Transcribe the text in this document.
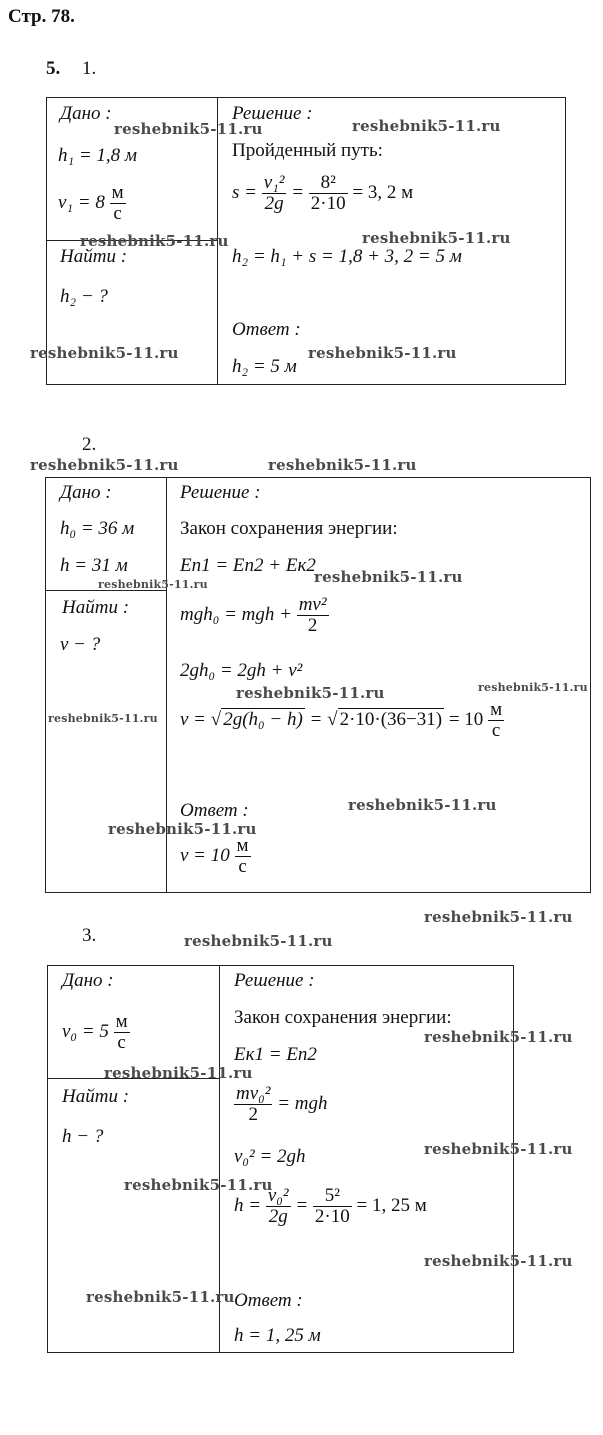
Стр. 78.
5. 1.
Дано :
h₁ = 1,8 м
$v_1 = 8 \frac{м}{с}$
Найти :
h₂ − ?
Решение :
Пройденный путь:
$s = \frac{\text{v₁²}}{2g} = \frac{\text{8²}}{2\cdot 10} = 3$, 2 м
h₂ = h₁ + s = 1,8 + 3, 2 = 5 м
Ответ :
h₂ = 5 м
2.
Дано :
h₀ = 36 м
h = 31 м
Найти :
v − ?
Решение :
Закон сохранения энергии:
Eп1 = Eп2 + Eк2
mgh₀ = mgh + $\frac{\text{mv²}}{2}$
2gh₀ = 2gh + v²
v = √ 2g(h₀ − h) = √ $2\cdot 10\cdot(36-31) = 10 \frac{м}{с}$
Ответ :
$v = 10 \frac{м}{с}$
3.
Дано :
$v_0 = 5 \frac{м}{с}$
Найти :
h − ?
Решение :
Закон сохранения энергии:
Eк1 = Eп2
$\frac{\text{mv₀²}}{2}$ = mgh
v₀² = 2gh
$h = \frac{\text{v₀²}}{2g} = \frac{\text{5²}}{2\cdot 10} = 1$, 25 м
Ответ :
h = 1, 25 м
reshebnik5-11.ru	reshebnik5-11.ru
reshebnik5-11.ru	reshebnik5-11.ru
reshebnik5-11.ru	reshebnik5-11.ru
reshebnik5-11.ru	reshebnik5-11.ru
reshebnik5-11.ru	reshebnik5-11.ru
reshebnik5-11.ru
reshebnik5-11.ru	reshebnik5-11.ru
reshebnik5-11.ru
reshebnik5-11.ru
reshebnik5-11.ru
reshebnik5-11.ru
reshebnik5-11.ru
reshebnik5-11.ru
reshebnik5-11.ru
reshebnik5-11.ru
reshebnik5-11.ru
reshebnik5-11.ru
